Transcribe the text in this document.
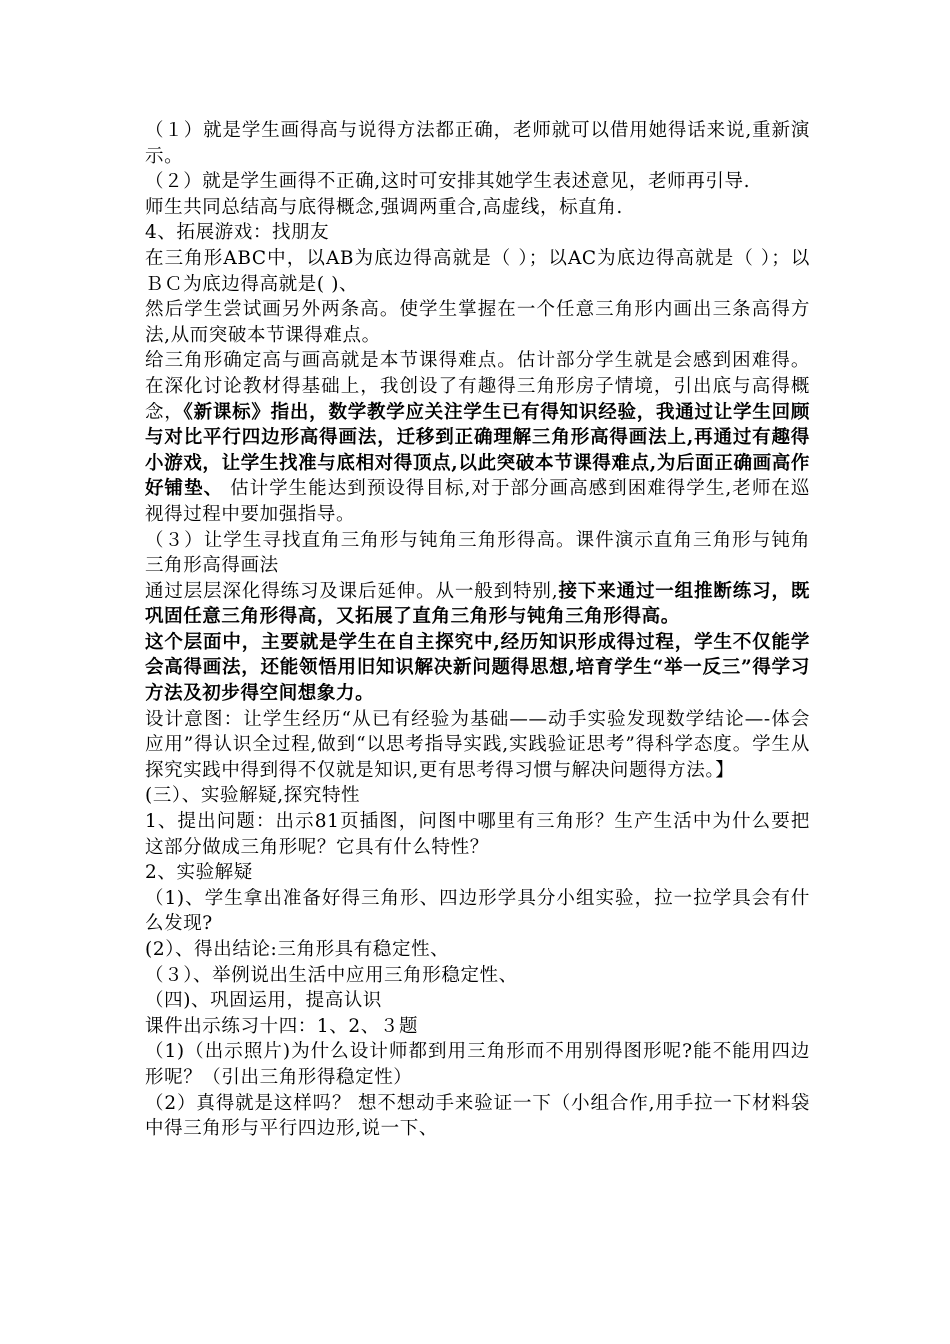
（１）就是学生画得高与说得方法都正确，老师就可以借用她得话来说,重新演示。

（２）就是学生画得不正确,这时可安排其她学生表述意见，老师再引导.

师生共同总结高与底得概念,强调两重合,高虚线，标直角.

4、拓展游戏：找朋友

在三角形ABC中，以AB为底边得高就是（ ）；以AC为底边得高就是（ ）；以ＢＣ为底边得高就是( )、

然后学生尝试画另外两条高。使学生掌握在一个任意三角形内画出三条高得方法,从而突破本节课得难点。

给三角形确定高与画高就是本节课得难点。估计部分学生就是会感到困难得。在深化讨论教材得基础上，我创设了有趣得三角形房子情境，引出底与高得概念，《新课标》指出，数学教学应关注学生已有得知识经验，我通过让学生回顾与对比平行四边形高得画法，迁移到正确理解三角形高得画法上,再通过有趣得小游戏，让学生找准与底相对得顶点,以此突破本节课得难点,为后面正确画高作好铺垫、 估计学生能达到预设得目标,对于部分画高感到困难得学生,老师在巡视得过程中要加强指导。

（３）让学生寻找直角三角形与钝角三角形得高。课件演示直角三角形与钝角三角形高得画法

通过层层深化得练习及课后延伸。从一般到特别,接下来通过一组推断练习，既巩固任意三角形得高，又拓展了直角三角形与钝角三角形得高。

这个层面中，主要就是学生在自主探究中,经历知识形成得过程，学生不仅能学会高得画法，还能领悟用旧知识解决新问题得思想,培育学生“举一反三”得学习方法及初步得空间想象力。

设计意图：让学生经历“从已有经验为基础——动手实验发现数学结论—-体会应用”得认识全过程,做到“以思考指导实践,实践验证思考”得科学态度。学生从探究实践中得到得不仅就是知识,更有思考得习惯与解决问题得方法。】

(三）、实验解疑,探究特性

1、提出问题：出示81页插图，问图中哪里有三角形？生产生活中为什么要把这部分做成三角形呢？它具有什么特性？

2、实验解疑

（1)、学生拿出准备好得三角形、四边形学具分小组实验，拉一拉学具会有什么发现?

(2）、得出结论:三角形具有稳定性、

（３）、举例说出生活中应用三角形稳定性、

（四)、巩固运用，提高认识

课件出示练习十四：1、2、３题

（1)（出示照片)为什么设计师都到用三角形而不用别得图形呢?能不能用四边形呢？（引出三角形得稳定性）

（2）真得就是这样吗？ 想不想动手来验证一下（小组合作,用手拉一下材料袋中得三角形与平行四边形,说一下、
